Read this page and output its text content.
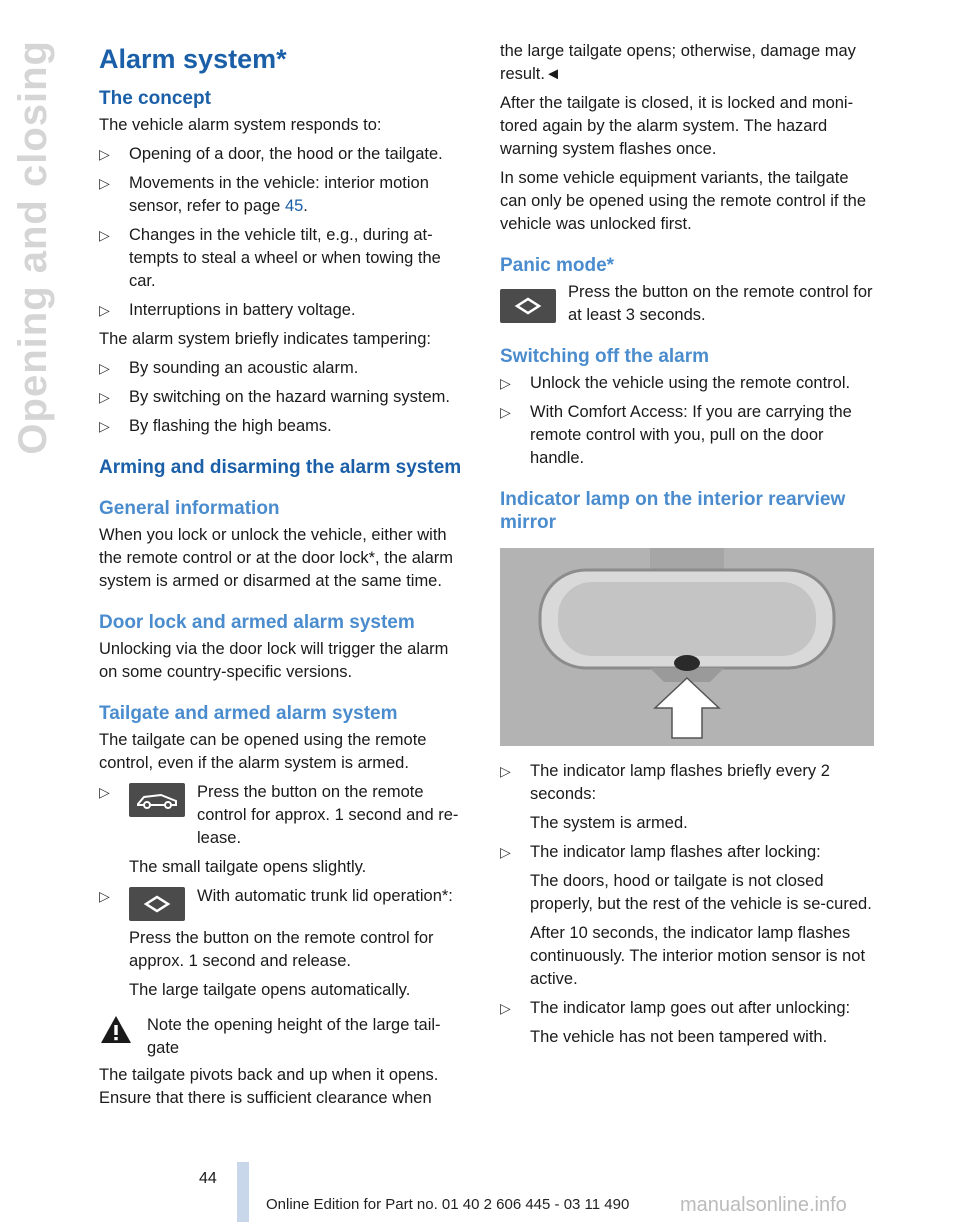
Opening and closing Alarm system*
The concept
The vehicle alarm system responds to:
▷ Opening of a door, the hood or the tailgate.
▷ Movements in the vehicle: interior motion sensor, refer to page 45.
▷ Changes in the vehicle tilt, e.g., during at-tempts to steal a wheel or when towing the car.
▷ Interruptions in battery voltage.
The alarm system briefly indicates tampering:
▷ By sounding an acoustic alarm.
▷ By switching on the hazard warning system.
▷ By flashing the high beams.
Arming and disarming the alarm system
General information
When you lock or unlock the vehicle, either with the remote control or at the door lock*, the alarm system is armed or disarmed at the same time.
Door lock and armed alarm system
Unlocking via the door lock will trigger the alarm on some country-specific versions.
Tailgate and armed alarm system
The tailgate can be opened using the remote control, even if the alarm system is armed.
▷	Press the button on the remote control for approx. 1 second and re-lease.
The small tailgate opens slightly.
▷	With automatic trunk lid operation*:
Press the button on the remote control for approx. 1 second and release.
The large tailgate opens automatically.
Note the opening height of the large tail-gate
The tailgate pivots back and up when it opens. Ensure that there is sufficient clearance when
the large tailgate opens; otherwise, damage may result.◄
After the tailgate is closed, it is locked and moni-tored again by the alarm system. The hazard warning system flashes once.
In some vehicle equipment variants, the tailgate can only be opened using the remote control if the vehicle was unlocked first.
Panic mode*
Press the button on the remote control for at least 3 seconds.
Switching off the alarm
▷ Unlock the vehicle using the remote control.
▷ With Comfort Access: If you are carrying the remote control with you, pull on the door handle.
Indicator lamp on the interior rearview mirror
▷ The indicator lamp flashes briefly every 2 seconds:
The system is armed.
▷ The indicator lamp flashes after locking:
The doors, hood or tailgate is not closed properly, but the rest of the vehicle is se-cured.
After 10 seconds, the indicator lamp flashes continuously. The interior motion sensor is not active.
▷ The indicator lamp goes out after unlocking:
The vehicle has not been tampered with.
44
Online Edition for Part no. 01 40 2 606 445 - 03 11 490	manualsonline.info
